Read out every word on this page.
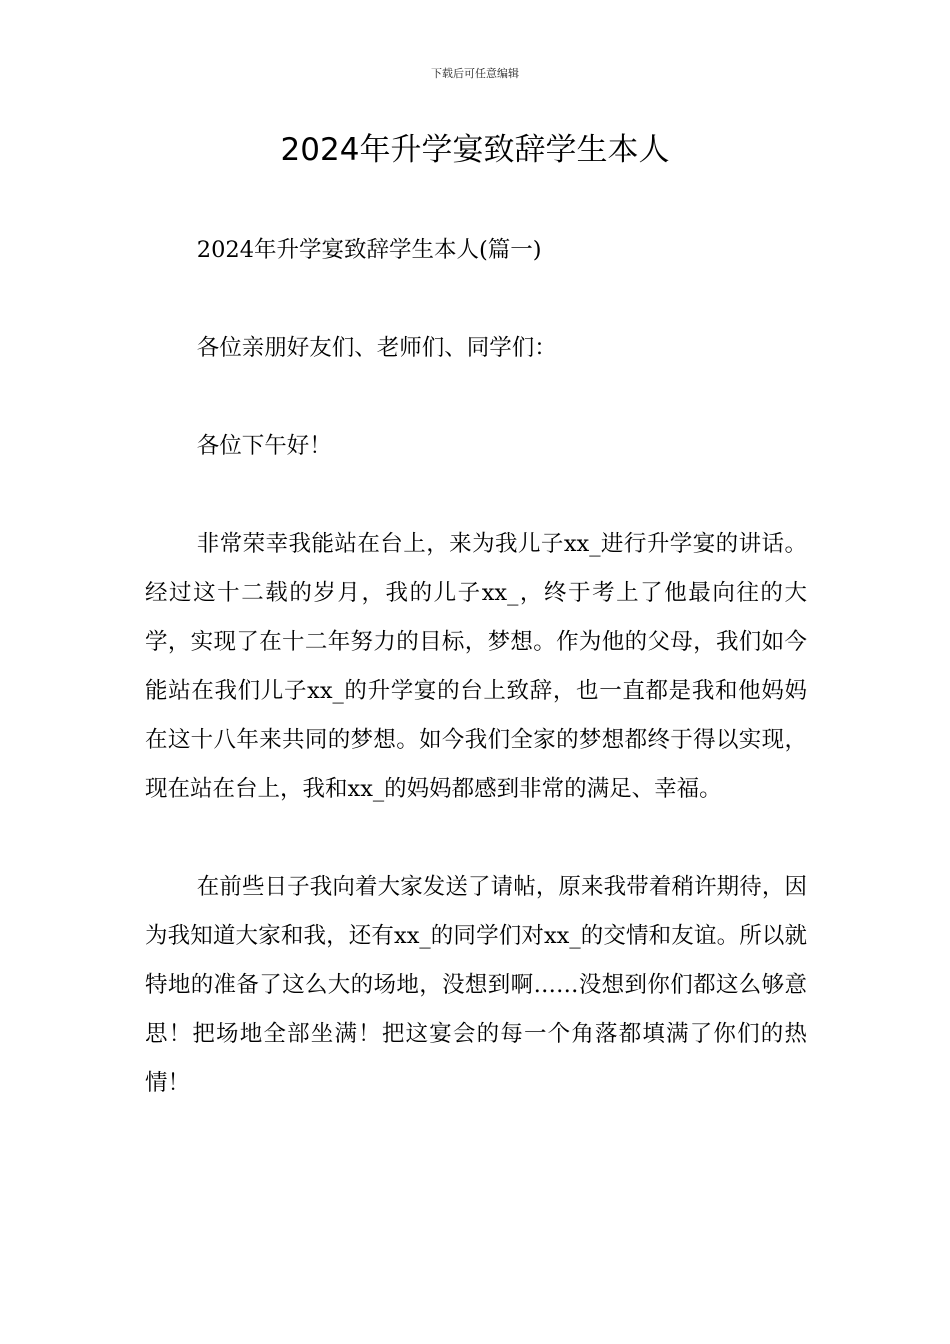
下载后可任意编辑
2024年升学宴致辞学生本人

2024年升学宴致辞学生本人(篇一)

各位亲朋好友们、老师们、同学们：

各位下午好！

非常荣幸我能站在台上，来为我儿子xx_进行升学宴的讲话。经过这十二载的岁月，我的儿子xx_，终于考上了他最向往的大学，实现了在十二年努力的目标，梦想。作为他的父母，我们如今能站在我们儿子xx_的升学宴的台上致辞，也一直都是我和他妈妈在这十八年来共同的梦想。如今我们全家的梦想都终于得以实现，现在站在台上，我和xx_的妈妈都感到非常的满足、幸福。

在前些日子我向着大家发送了请帖，原来我带着稍许期待，因为我知道大家和我，还有xx_的同学们对xx_的交情和友谊。所以就特地的准备了这么大的场地，没想到啊……没想到你们都这么够意思！把场地全部坐满！把这宴会的每一个角落都填满了你们的热情！
